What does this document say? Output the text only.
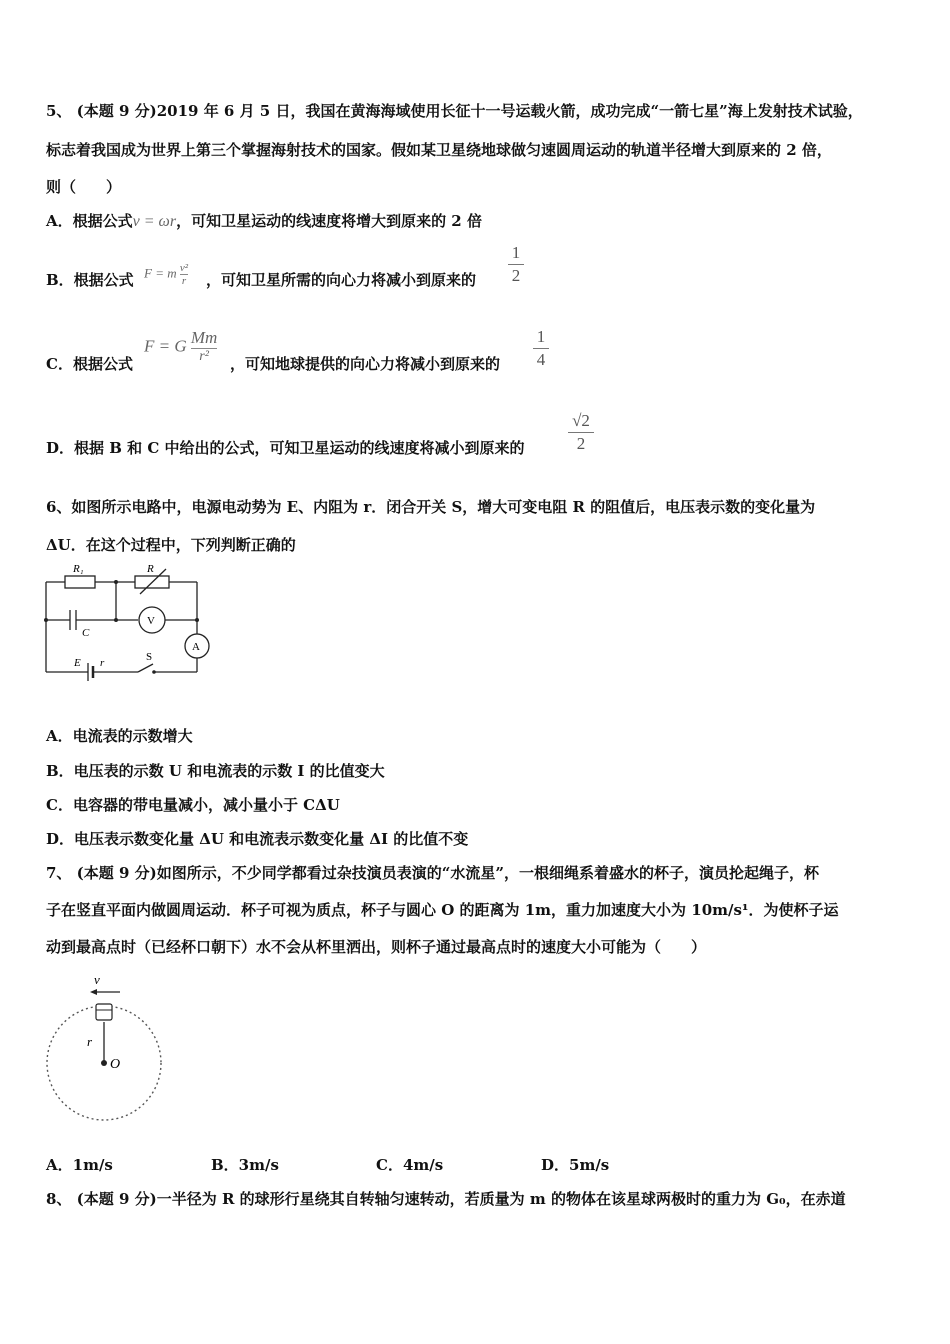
5、 (本题 9 分)2019 年 6 月 5 日，我国在黄海海域使用长征十一号运载火箭，成功完成“一箭七星”海上发射技术试验，
标志着我国成为世界上第三个掌握海射技术的国家。假如某卫星绕地球做匀速圆周运动的轨道半径增大到原来的 2 倍，
则（　　）
A．根据公式v = ωr，可知卫星运动的线速度将增大到原来的 2 倍
B．根据公式 F = m $\frac{\text{v²}}{r}$ ，可知卫星所需的向心力将减小到原来的
1
2
C．根据公式
F = G Mm
r²	，可知地球提供的向心力将减小到原来的
1
4
D．根据 B 和 C 中给出的公式，可知卫星运动的线速度将减小到原来的
√2
2
6、如图所示电路中，电源电动势为 E、内阻为 r．闭合开关 S，增大可变电阻 R 的阻值后，电压表示数的变化量为
ΔU．在这个过程中，下列判断正确的
R₁	R
C
V
A
E r	S
A．电流表的示数增大
B．电压表的示数 U 和电流表的示数 I 的比值变大
C．电容器的带电量减小，减小量小于 CΔU
D．电压表示数变化量 ΔU 和电流表示数变化量 ΔI 的比值不变
7、 (本题 9 分)如图所示，不少同学都看过杂技演员表演的“水流星”，一根细绳系着盛水的杯子，演员抡起绳子，杯
子在竖直平面内做圆周运动．杯子可视为质点，杯子与圆心 O 的距离为 1m，重力加速度大小为 10m/s¹．为使杯子运
动到最高点时（已经杯口朝下）水不会从杯里洒出，则杯子通过最高点时的速度大小可能为（　　）
v
r
O
A．1m/s	B．3m/s	C．4m/s	D．5m/s
8、 (本题 9 分)一半径为 R 的球形行星绕其自转轴匀速转动，若质量为 m 的物体在该星球两极时的重力为 G₀，在赤道
